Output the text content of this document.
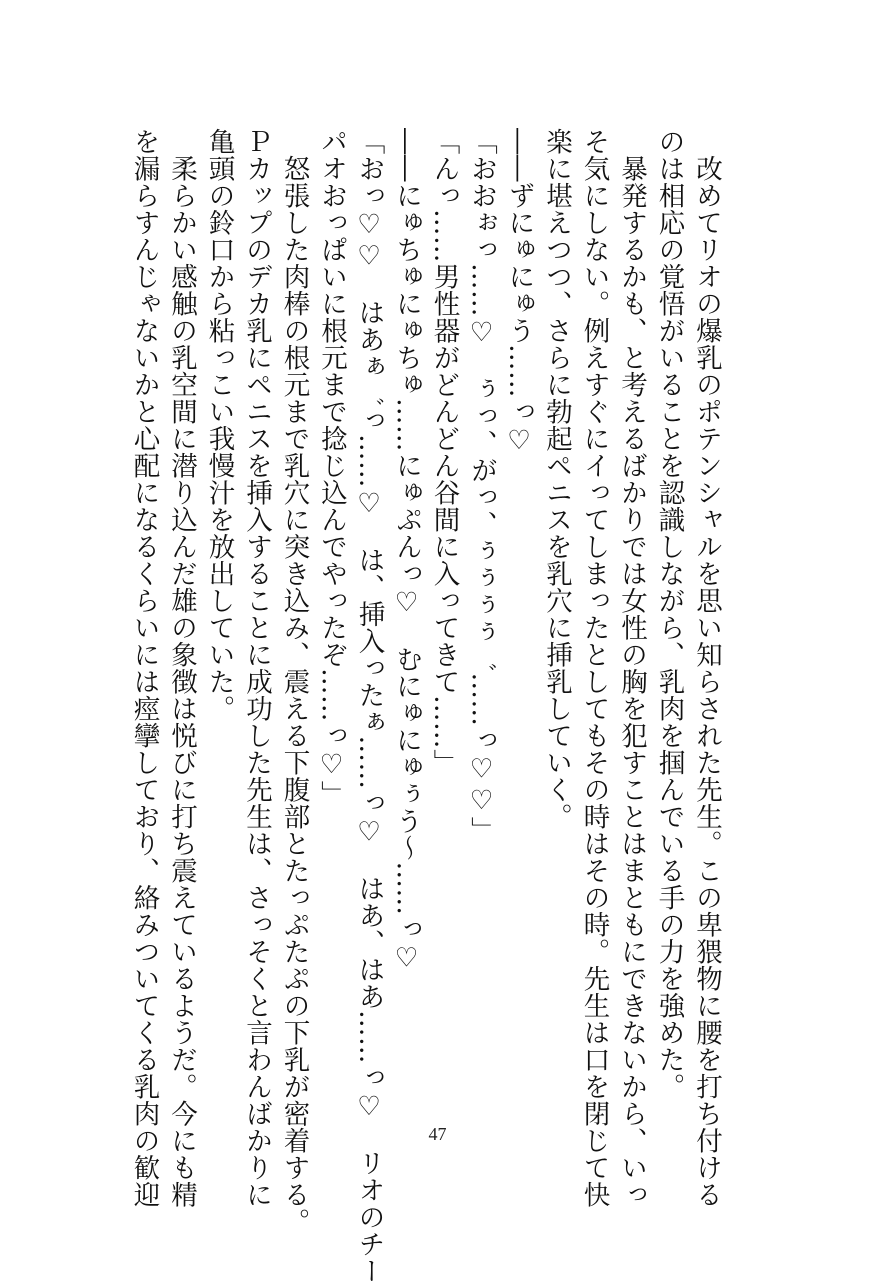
　改めてリオの爆乳のポテンシャルを思い知らされた先生。この卑猥物に腰を打ち付ける
のは相応の覚悟がいることを認識しながら、乳肉を掴んでいる手の力を強めた。
　暴発するかも、と考えるばかりでは女性の胸を犯すことはまともにできないから、いっ
そ気にしない。例えすぐにイってしまったとしてもその時はその時。先生は口を閉じて快
楽に堪えつつ、さらに勃起ペニスを乳穴に挿乳していく。
――ずにゅにゅう……っ♡
「おおぉっ……♡　ぅっ、がっ、ぅぅぅぅ゛……っ♡♡」
「んっ……男性器がどんどん谷間に入ってきて……」
――にゅちゅにゅちゅ……にゅぷんっ♡　むにゅにゅぅう～……っ♡
「おっ♡♡　はあぁ゛っ……♡　は、挿入ったぁ……っ♡　はあ、はあ……っ♡　リオのチー
パオおっぱいに根元まで捻じ込んでやったぞ……っ♡」
　怒張した肉棒の根元まで乳穴に突き込み、震える下腹部とたっぷたぷの下乳が密着する。
Ｐカップのデカ乳にペニスを挿入することに成功した先生は、さっそくと言わんばかりに
亀頭の鈴口から粘っこい我慢汁を放出していた。
　柔らかい感触の乳空間に潜り込んだ雄の象徴は悦びに打ち震えているようだ。今にも精
を漏らすんじゃないかと心配になるくらいには痙攣しており、絡みついてくる乳肉の歓迎	47
